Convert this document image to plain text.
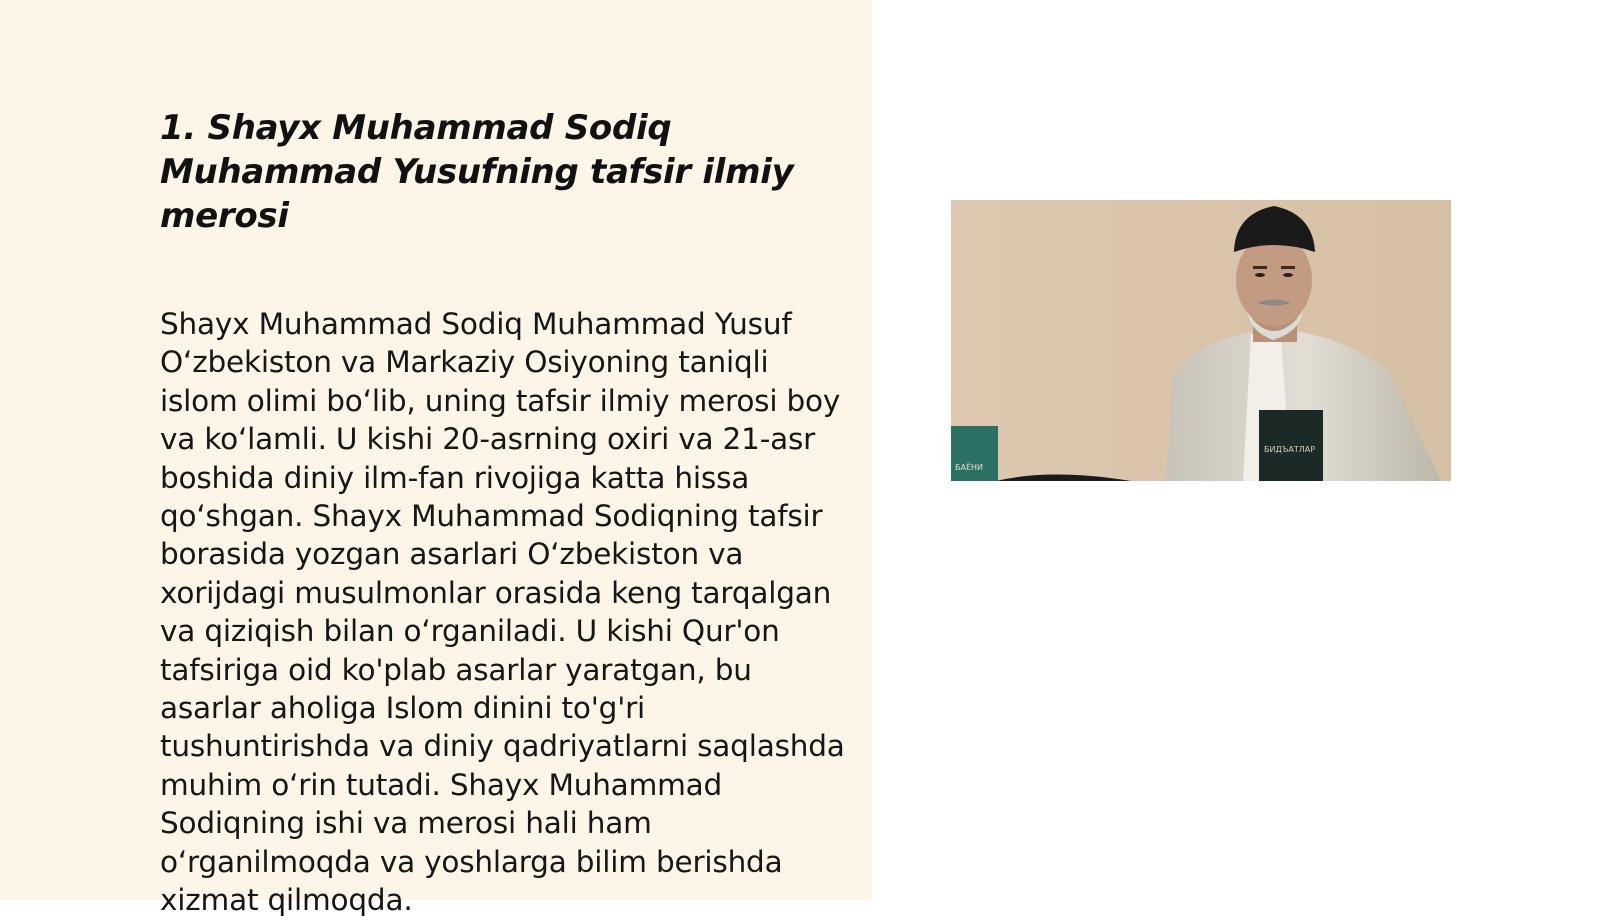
1. Shayx Muhammad Sodiq Muhammad Yusufning tafsir ilmiy merosi

Shayx Muhammad Sodiq Muhammad Yusuf O‘zbekiston va Markaziy Osiyoning taniqli islom olimi bo‘lib, uning tafsir ilmiy merosi boy va ko‘lamli. U kishi 20-asrning oxiri va 21-asr boshida diniy ilm-fan rivojiga katta hissa qo‘shgan. Shayx Muhammad Sodiqning tafsir borasida yozgan asarlari O‘zbekiston va xorijdagi musulmonlar orasida keng tarqalgan va qiziqish bilan o‘rganiladi. U kishi Qur'on tafsiriga oid ko'plab asarlar yaratgan, bu asarlar aholiga Islom dinini to'g'ri tushuntirishda va diniy qadriyatlarni saqlashda muhim o‘rin tutadi. Shayx Muhammad Sodiqning ishi va merosi hali ham o‘rganilmoqda va yoshlarga bilim berishda xizmat qilmoqda.

БАЁНИ
БИДЪАТЛАР
